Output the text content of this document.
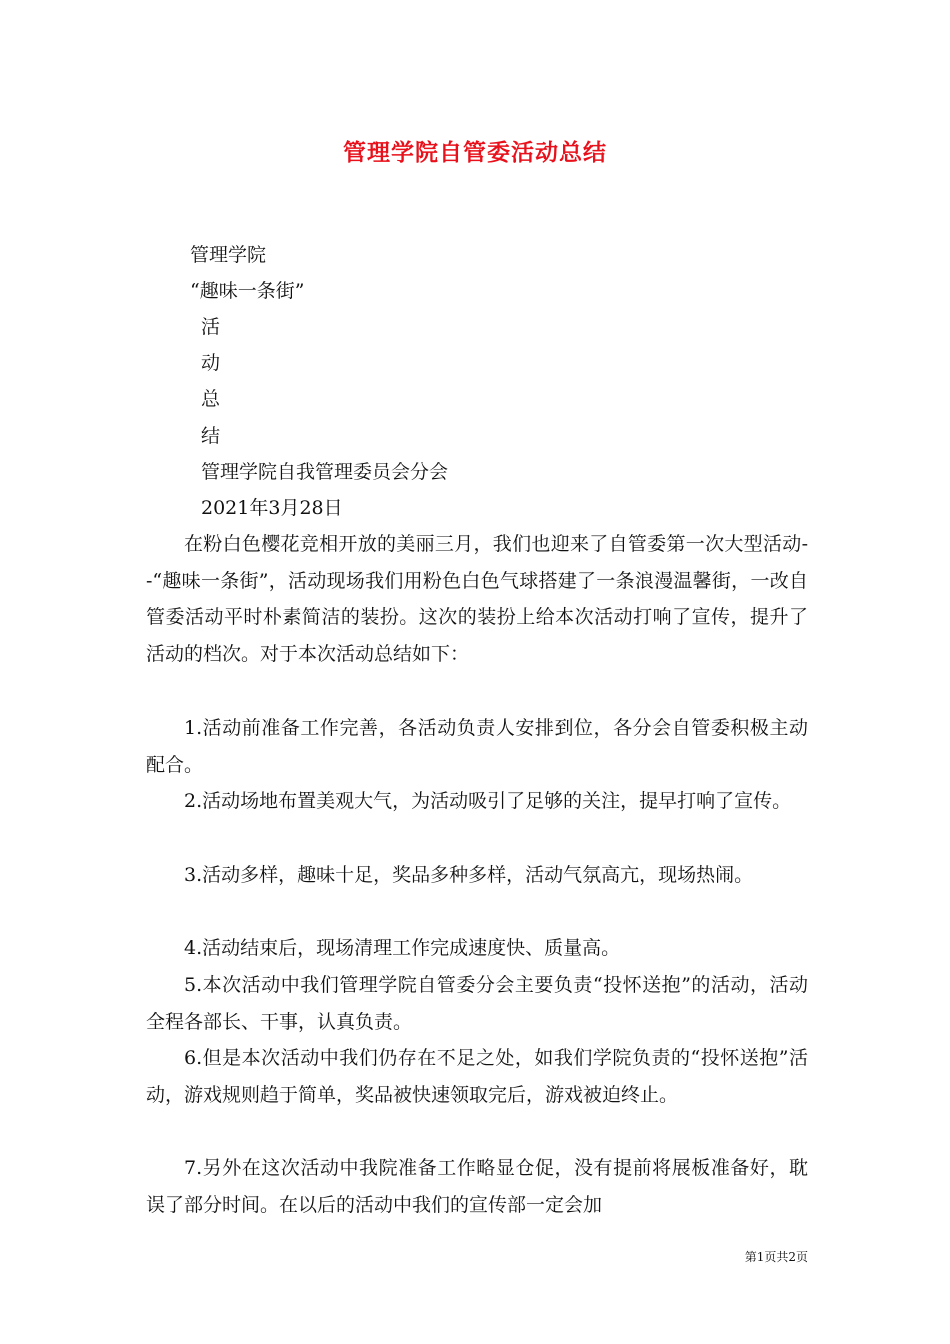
管理学院自管委活动总结
管理学院
“趣味一条街”
活
动
总
结
管理学院自我管理委员会分会
2021年3月28日
在粉白色樱花竞相开放的美丽三月，我们也迎来了自管委第一次大型活动--“趣味一条街”，活动现场我们用粉色白色气球搭建了一条浪漫温馨街，一改自管委活动平时朴素简洁的装扮。这次的装扮上给本次活动打响了宣传，提升了活动的档次。对于本次活动总结如下：
1.活动前准备工作完善，各活动负责人安排到位，各分会自管委积极主动配合。
2.活动场地布置美观大气，为活动吸引了足够的关注，提早打响了宣传。
3.活动多样，趣味十足，奖品多种多样，活动气氛高亢，现场热闹。
4.活动结束后，现场清理工作完成速度快、质量高。
5.本次活动中我们管理学院自管委分会主要负责“投怀送抱”的活动，活动全程各部长、干事，认真负责。
6.但是本次活动中我们仍存在不足之处，如我们学院负责的“投怀送抱”活动，游戏规则趋于简单，奖品被快速领取完后，游戏被迫终止。
7.另外在这次活动中我院准备工作略显仓促，没有提前将展板准备好，耽误了部分时间。在以后的活动中我们的宣传部一定会加
第1页共2页
